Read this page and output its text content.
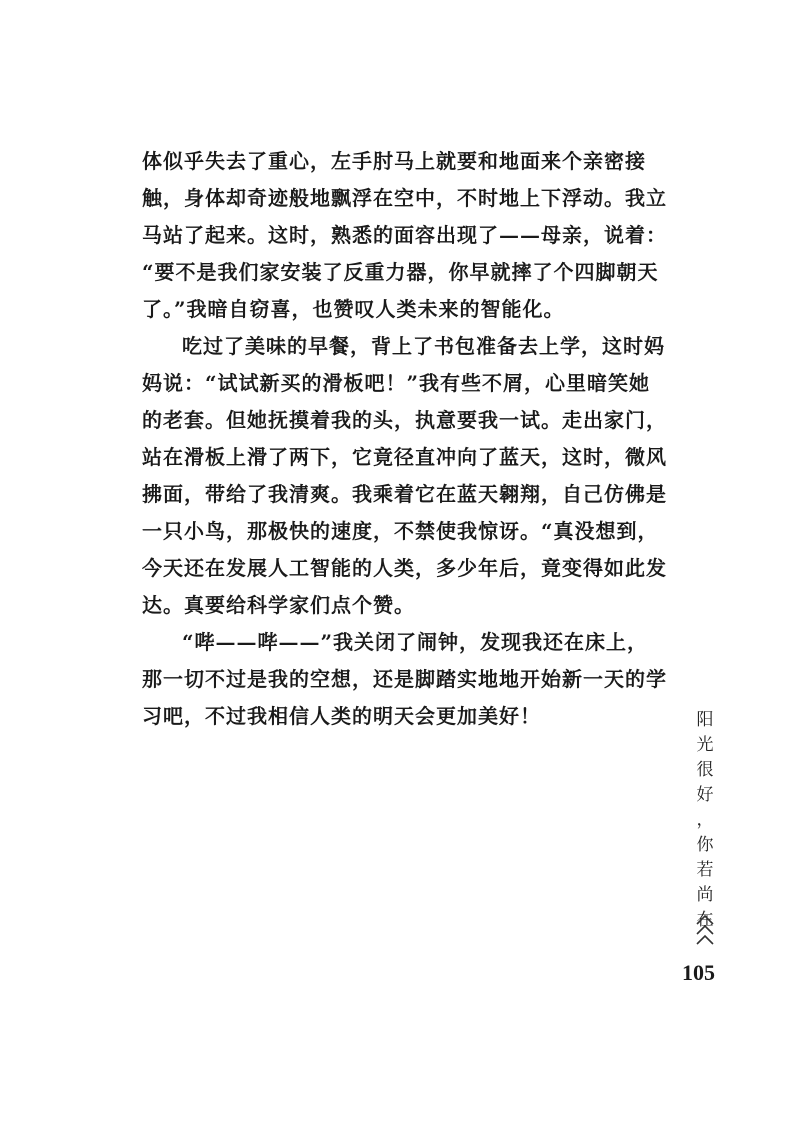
体似乎失去了重心，左手肘马上就要和地面来个亲密接
触，身体却奇迹般地飘浮在空中，不时地上下浮动。我立
马站了起来。这时，熟悉的面容出现了——母亲，说着：
“要不是我们家安装了反重力器，你早就摔了个四脚朝天
了。”我暗自窃喜，也赞叹人类未来的智能化。
吃过了美味的早餐，背上了书包准备去上学，这时妈
妈说：“试试新买的滑板吧！”我有些不屑，心里暗笑她
的老套。但她抚摸着我的头，执意要我一试。走出家门，
站在滑板上滑了两下，它竟径直冲向了蓝天，这时，微风
拂面，带给了我清爽。我乘着它在蓝天翱翔，自己仿佛是
一只小鸟，那极快的速度，不禁使我惊讶。“真没想到，
今天还在发展人工智能的人类，多少年后，竟变得如此发
达。真要给科学家们点个赞。
“哔——哔——”我关闭了闹钟，发现我还在床上，
那一切不过是我的空想，还是脚踏实地地开始新一天的学
习吧，不过我相信人类的明天会更加美好！	阳
光
很
好
，
你
若
尚
在
105
